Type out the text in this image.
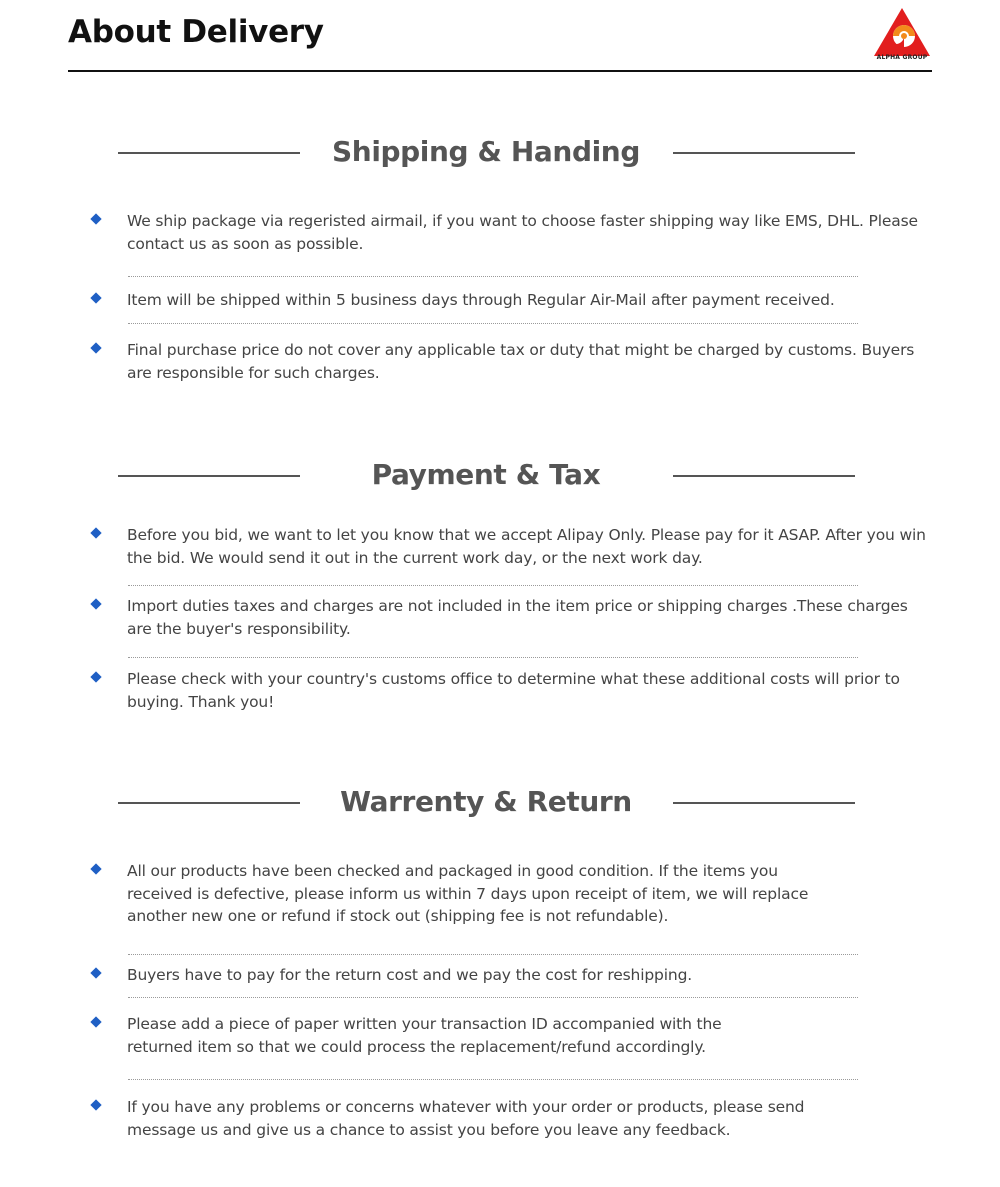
About Delivery
ALPHA GROUP
Shipping & Handing
We ship package via regeristed airmail, if you want to choose faster shipping way like EMS, DHL. Please contact us as soon as possible.
Item will be shipped within 5 business days through Regular Air-Mail after payment received.
Final purchase price do not cover any applicable tax or duty that might be charged by customs. Buyers are responsible for such charges.
Payment & Tax
Before you bid, we want to let you know that we accept Alipay Only. Please pay for it ASAP. After you win the bid. We would send it out in the current work day, or the next work day.
Import duties taxes and charges are not included in the item price or shipping charges .These charges are the buyer's responsibility.
Please check with your country's customs office to determine what these additional costs will prior to buying. Thank you!
Warrenty & Return
All our products have been checked and packaged in good condition. If the items you received is defective, please inform us within 7 days upon receipt of item, we will replace another new one or refund if stock out (shipping fee is not refundable).
Buyers have to pay for the return cost and we pay the cost for reshipping.
Please add a piece of paper written your transaction ID accompanied with the returned item so that we could process the replacement/refund accordingly.
If you have any problems or concerns whatever with your order or products, please send message us and give us a chance to assist you before you leave any feedback.
